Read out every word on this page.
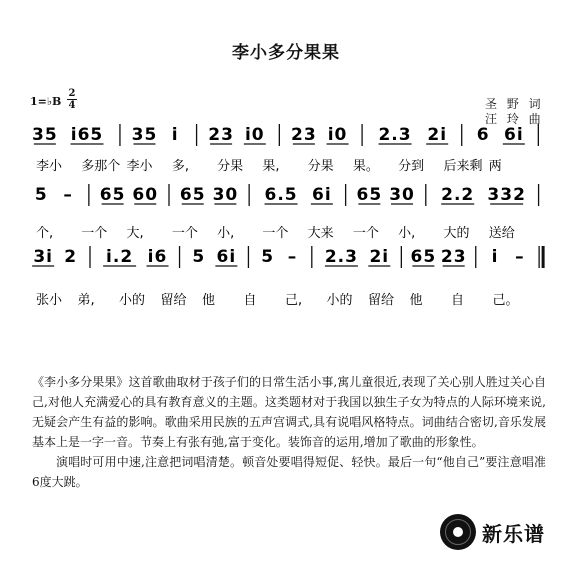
李小多分果果
1=♭B
2
4	圣 野 词
汪 玲 曲
35 i65 35 i 23 i0 23 i0 2.3 2i 6 6i
李小 多那个 李小 多, 分果 果, 分果 果。 分到 后来剩 两
5 – 65 60 65 30 6.5 6i 65 30 2.2 332
个, 一个 大, 一个 小, 一个 大来 一个 小, 大的 送给
3i 2 i.2 i6 5 6i 5 – 2.3 2i 65 23 i –
张小 弟, 小的 留给 他 自 己, 小的 留给 他 自 己。

《李小多分果果》这首歌曲取材于孩子们的日常生活小事,寓儿童很近,表现了关心别人胜过关心自己,对他人充满爱心的具有教育意义的主题。这类题材对于我国以独生子女为特点的人际环境来说,无疑会产生有益的影响。歌曲采用民族的五声宫调式,具有说唱风格特点。词曲结合密切,音乐发展基本上是一字一音。节奏上有张有弛,富于变化。装饰音的运用,增加了歌曲的形象性。

演唱时可用中速,注意把词唱清楚。顿音处要唱得短促、轻快。最后一句“他自己”要注意唱准6度大跳。

新乐谱
